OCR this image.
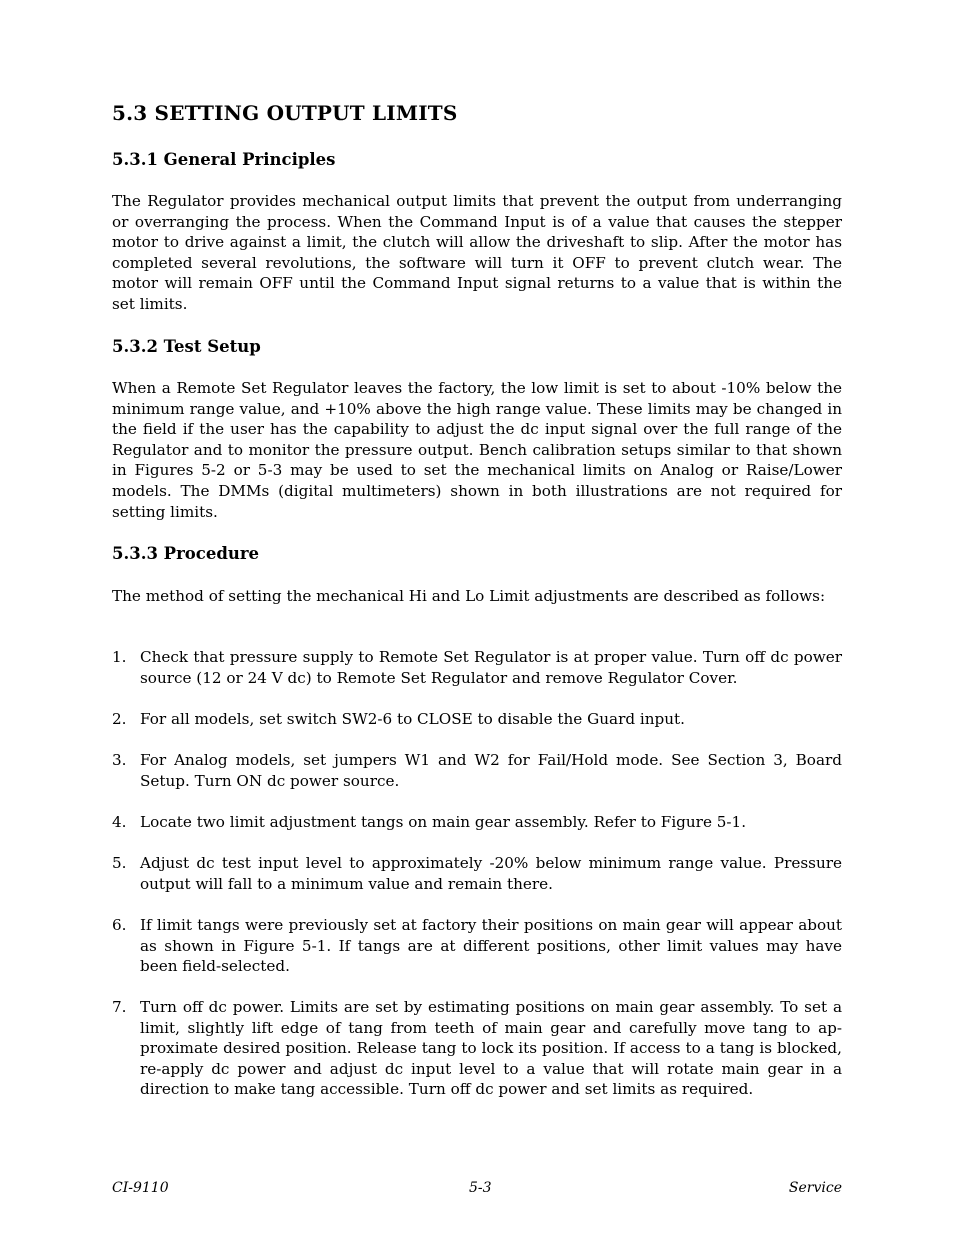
5.3 SETTING OUTPUT LIMITS
5.3.1 General Principles

The Regulator provides mechanical output limits that prevent the output from underranging or overranging the process. When the Command Input is of a value that causes the stepper motor to drive against a limit, the clutch will allow the driveshaft to slip. After the motor has completed several revolutions, the software will turn it OFF to prevent clutch wear. The motor will remain OFF until the Command Input signal returns to a value that is within the set limits.

5.3.2 Test Setup

When a Remote Set Regulator leaves the factory, the low limit is set to about -10% below the minimum range value, and +10% above the high range value. These limits may be changed in the field if the user has the capability to adjust the dc input signal over the full range of the Regulator and to monitor the pressure output. Bench calibration setups similar to that shown in Figures 5-2 or 5-3 may be used to set the mechanical limits on Analog or Raise/Lower models. The DMMs (digital multimeters) shown in both illustrations are not required for setting limits.

5.3.3 Procedure

The method of setting the mechanical Hi and Lo Limit adjustments are described as follows:

1. Check that pressure supply to Remote Set Regulator is at proper value. Turn off dc power source (12 or 24 V dc) to Remote Set Regulator and remove Regulator Cover.
2. For all models, set switch SW2-6 to CLOSE to disable the Guard input.
3. For Analog models, set jumpers W1 and W2 for Fail/Hold mode. See Section 3, Board Setup. Turn ON dc power source.
4. Locate two limit adjustment tangs on main gear assembly. Refer to Figure 5-1.
5. Adjust dc test input level to approximately -20% below minimum range value. Pressure output will fall to a minimum value and remain there.
6. If limit tangs were previously set at factory their positions on main gear will appear about as shown in Figure 5-1. If tangs are at different positions, other limit values may have been field-selected.
7. Turn off dc power. Limits are set by estimating positions on main gear assembly. To set a limit, slightly lift edge of tang from teeth of main gear and carefully move tang to ap-proximate desired position. Release tang to lock its position. If access to a tang is blocked, re-apply dc power and adjust dc input level to a value that will rotate main gear in a direction to make tang accessible. Turn off dc power and set limits as required.
CI-9110	5-3	Service
